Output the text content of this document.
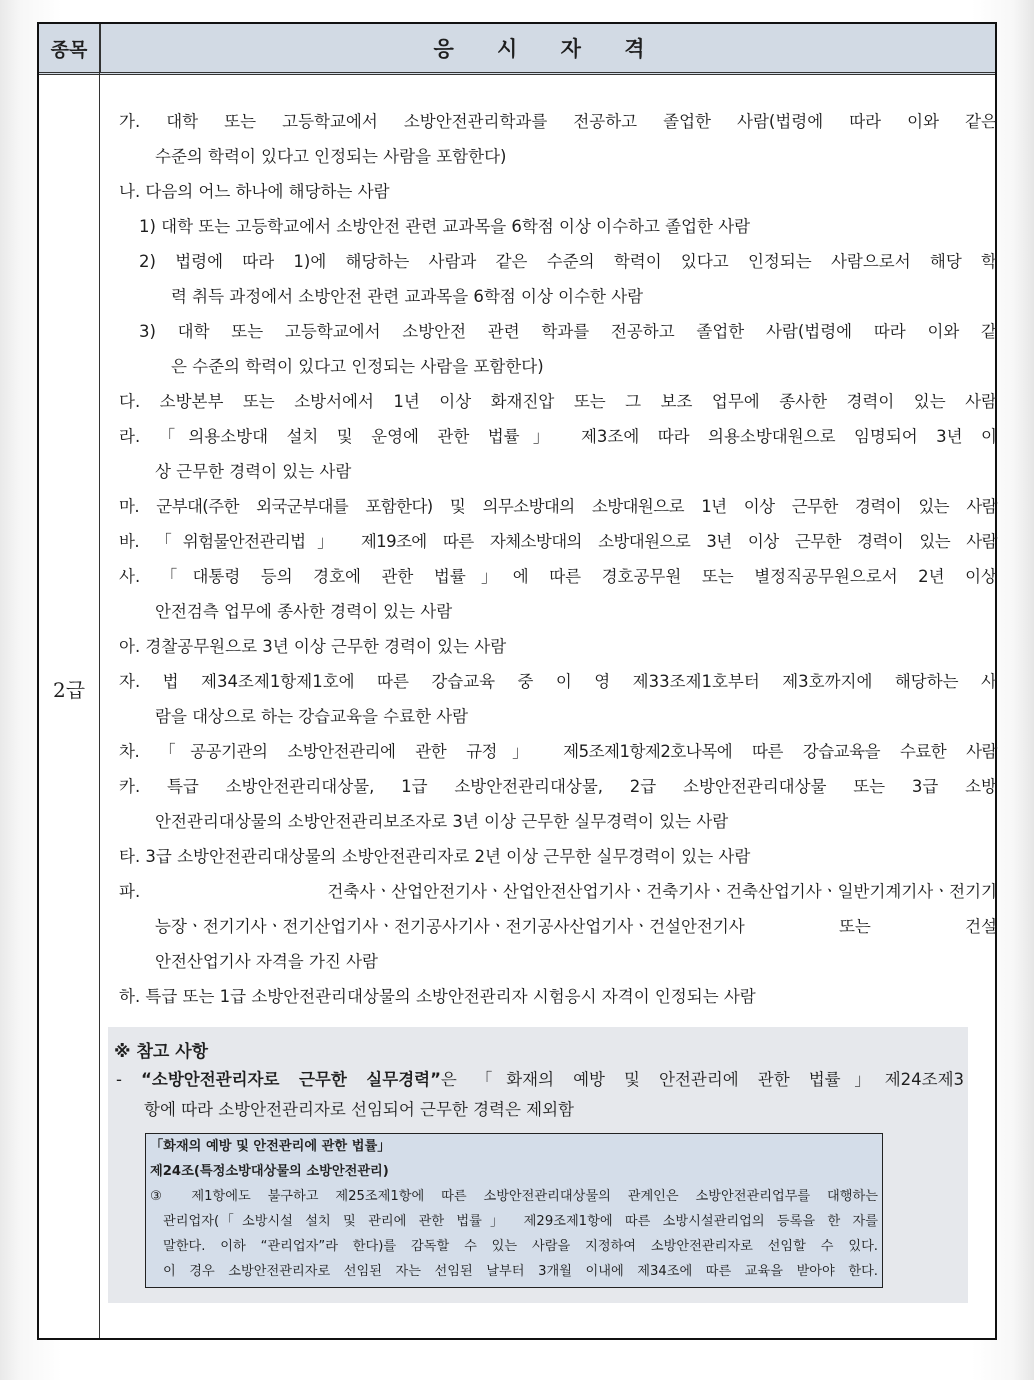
종목	응 시 자 격
2급
가. 대학 또는 고등학교에서 소방안전관리학과를 전공하고 졸업한 사람(법령에 따라 이와 같은
수준의 학력이 있다고 인정되는 사람을 포함한다)
나. 다음의 어느 하나에 해당하는 사람
1) 대학 또는 고등학교에서 소방안전 관련 교과목을 6학점 이상 이수하고 졸업한 사람
2) 법령에 따라 1)에 해당하는 사람과 같은 수준의 학력이 있다고 인정되는 사람으로서 해당 학
력 취득 과정에서 소방안전 관련 교과목을 6학점 이상 이수한 사람
3) 대학 또는 고등학교에서 소방안전 관련 학과를 전공하고 졸업한 사람(법령에 따라 이와 같
은 수준의 학력이 있다고 인정되는 사람을 포함한다)
다. 소방본부 또는 소방서에서 1년 이상 화재진압 또는 그 보조 업무에 종사한 경력이 있는 사람
라. 「의용소방대 설치 및 운영에 관한 법률」 제3조에 따라 의용소방대원으로 임명되어 3년 이
상 근무한 경력이 있는 사람
마. 군부대(주한 외국군부대를 포함한다) 및 의무소방대의 소방대원으로 1년 이상 근무한 경력이 있는 사람
바. 「위험물안전관리법」 제19조에 따른 자체소방대의 소방대원으로 3년 이상 근무한 경력이 있는 사람
사. 「대통령 등의 경호에 관한 법률」에 따른 경호공무원 또는 별정직공무원으로서 2년 이상
안전검측 업무에 종사한 경력이 있는 사람
아. 경찰공무원으로 3년 이상 근무한 경력이 있는 사람
자. 법 제34조제1항제1호에 따른 강습교육 중 이 영 제33조제1호부터 제3호까지에 해당하는 사
람을 대상으로 하는 강습교육을 수료한 사람
차. 「공공기관의 소방안전관리에 관한 규정」 제5조제1항제2호나목에 따른 강습교육을 수료한 사람
카. 특급 소방안전관리대상물, 1급 소방안전관리대상물, 2급 소방안전관리대상물 또는 3급 소방
안전관리대상물의 소방안전관리보조자로 3년 이상 근무한 실무경력이 있는 사람
타. 3급 소방안전관리대상물의 소방안전관리자로 2년 이상 근무한 실무경력이 있는 사람
파. 건축사ㆍ산업안전기사ㆍ산업안전산업기사ㆍ건축기사ㆍ건축산업기사ㆍ일반기계기사ㆍ전기기
능장ㆍ전기기사ㆍ전기산업기사ㆍ전기공사기사ㆍ전기공사산업기사ㆍ건설안전기사 또는 건설
안전산업기사 자격을 가진 사람
하. 특급 또는 1급 소방안전관리대상물의 소방안전관리자 시험응시 자격이 인정되는 사람
※ 참고 사항
- “소방안전관리자로 근무한 실무경력”은 「화재의 예방 및 안전관리에 관한 법률」제24조제3
항에 따라 소방안전관리자로 선임되어 근무한 경력은 제외함
「화재의 예방 및 안전관리에 관한 법률」
제24조(특정소방대상물의 소방안전관리)
③ 제1항에도 불구하고 제25조제1항에 따른 소방안전관리대상물의 관계인은 소방안전관리업무를 대행하는
관리업자(「소방시설 설치 및 관리에 관한 법률」 제29조제1항에 따른 소방시설관리업의 등록을 한 자를
말한다. 이하 “관리업자”라 한다)를 감독할 수 있는 사람을 지정하여 소방안전관리자로 선임할 수 있다.
이 경우 소방안전관리자로 선임된 자는 선임된 날부터 3개월 이내에 제34조에 따른 교육을 받아야 한다.
